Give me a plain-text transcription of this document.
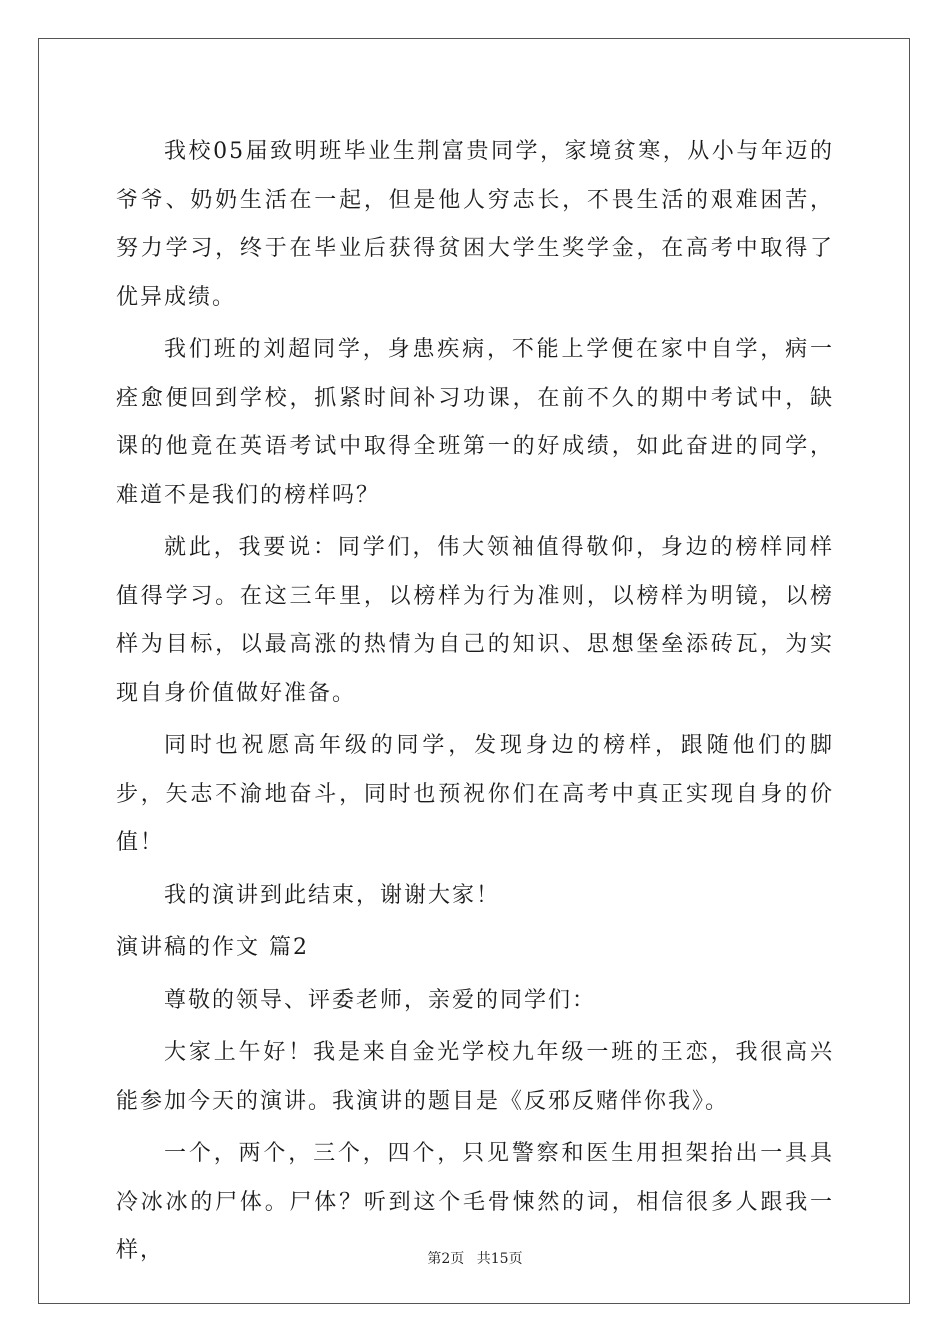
我校05届致明班毕业生荆富贵同学，家境贫寒，从小与年迈的爷爷、奶奶生活在一起，但是他人穷志长，不畏生活的艰难困苦，努力学习，终于在毕业后获得贫困大学生奖学金，在高考中取得了优异成绩。

我们班的刘超同学，身患疾病，不能上学便在家中自学，病一痊愈便回到学校，抓紧时间补习功课，在前不久的期中考试中，缺课的他竟在英语考试中取得全班第一的好成绩，如此奋进的同学，难道不是我们的榜样吗？

就此，我要说：同学们，伟大领袖值得敬仰，身边的榜样同样值得学习。在这三年里，以榜样为行为准则，以榜样为明镜，以榜样为目标，以最高涨的热情为自己的知识、思想堡垒添砖瓦，为实现自身价值做好准备。

同时也祝愿高年级的同学，发现身边的榜样，跟随他们的脚步，矢志不渝地奋斗，同时也预祝你们在高考中真正实现自身的价值！

我的演讲到此结束，谢谢大家！

演讲稿的作文 篇2

尊敬的领导、评委老师，亲爱的同学们：

大家上午好！我是来自金光学校九年级一班的王恋，我很高兴能参加今天的演讲。我演讲的题目是《反邪反赌伴你我》。

一个，两个，三个，四个，只见警察和医生用担架抬出一具具冷冰冰的尸体。尸体？听到这个毛骨悚然的词，相信很多人跟我一样，	第2页 共15页
